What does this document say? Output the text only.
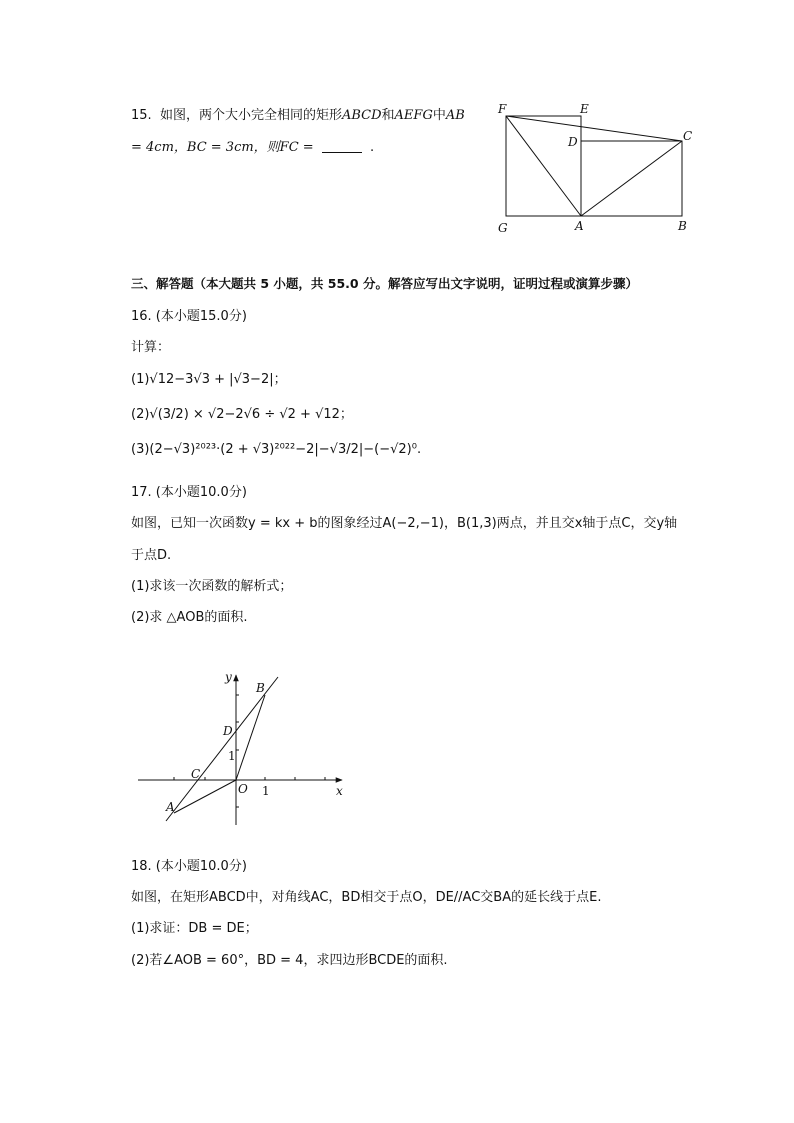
15. 如图，两个大小完全相同的矩形ABCD和AEFG中AB
= 4cm，BC = 3cm，则FC =	.
F	E
D	C
G	A	B
三、解答题（本大题共 5 小题，共 55.0 分。解答应写出文字说明，证明过程或演算步骤）
16. (本小题15.0分)
计算：
(1)√12−3√3 + |√3−2|；
(2)√(3/2) × √2−2√6 ÷ √2 + √12；
(3)(2−√3)²⁰²³·(2 + √3)²⁰²²−2|−√3/2|−(−√2)⁰.
17. (本小题10.0分)
如图，已知一次函数y = kx + b的图象经过A(−2,−1)，B(1,3)两点，并且交x轴于点C，交y轴
于点D.
(1)求该一次函数的解析式；
(2)求 △AOB的面积.
y
B
D
1
C
O 1	x
A
18. (本小题10.0分)
如图，在矩形ABCD中，对角线AC，BD相交于点O，DE//AC交BA的延长线于点E.
(1)求证：DB = DE；
(2)若∠AOB = 60°，BD = 4，求四边形BCDE的面积.
